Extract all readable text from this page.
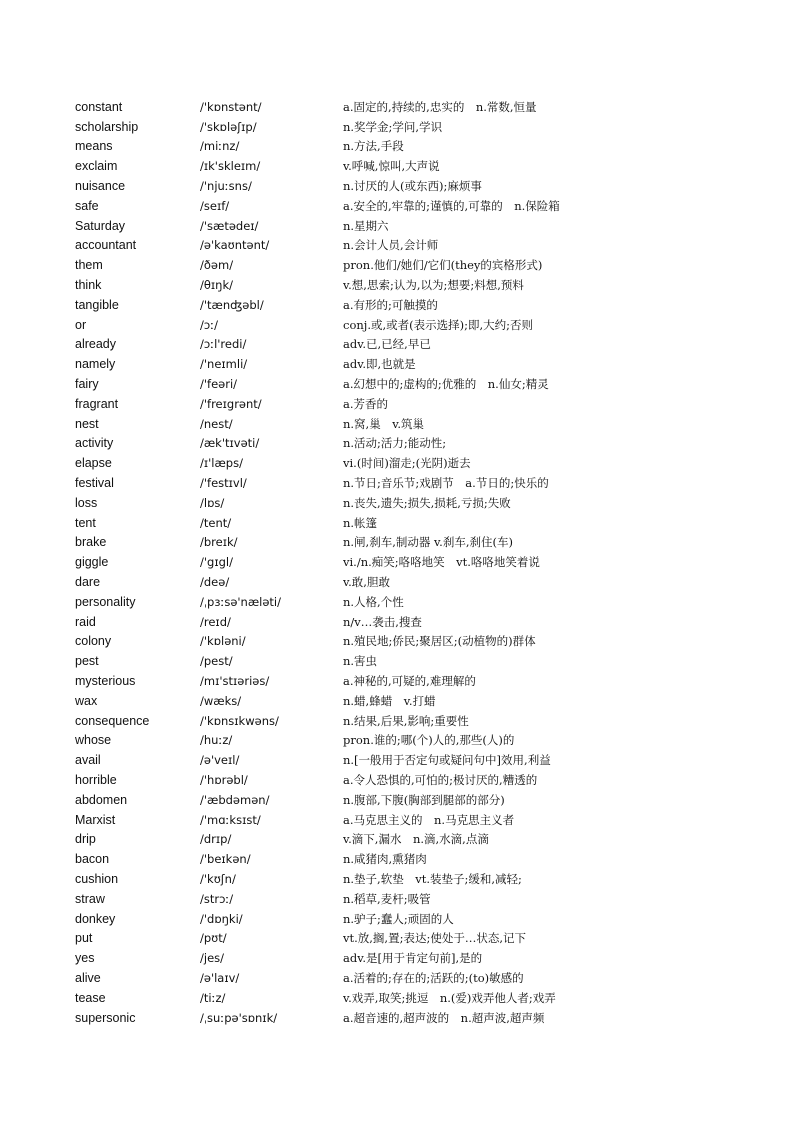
constant	/'kɒnstənt/	a.固定的,持续的,忠实的　n.常数,恒量
scholarship	/'skɒləʃɪp/	n.奖学金;学问,学识
means	/miːnz/	n.方法,手段
exclaim	/ɪk'skleɪm/	v.呼喊,惊叫,大声说
nuisance	/'njuːsns/	n.讨厌的人(或东西);麻烦事
safe	/seɪf/	a.安全的,牢靠的;谨慎的,可靠的　n.保险箱
Saturday	/'sætədeɪ/	n.星期六
accountant	/ə'kaʊntənt/	n.会计人员,会计师
them	/ðəm/	pron.他们/她们/它们(they的宾格形式)
think	/θɪŋk/	v.想,思索;认为,以为;想要;料想,预料
tangible	/'tænʤəbl/	a.有形的;可触摸的
or	/ɔː/	conj.或,或者(表示选择);即,大约;否则
already	/ɔːl'redi/	adv.已,已经,早已
namely	/'neɪmli/	adv.即,也就是
fairy	/'feəri/	a.幻想中的;虚构的;优雅的　n.仙女;精灵
fragrant	/'freɪgrənt/	a.芳香的
nest	/nest/	n.窝,巢　v.筑巢
activity	/æk'tɪvəti/	n.活动;活力;能动性;
elapse	/ɪ'læps/	vi.(时间)溜走;(光阴)逝去
festival	/'festɪvl/	n.节日;音乐节;戏剧节　a.节日的;快乐的
loss	/lɒs/	n.丧失,遗失;损失,损耗,亏损;失败
tent	/tent/	n.帐篷
brake	/breɪk/	n.闸,刹车,制动器 v.刹车,刹住(车)
giggle	/'gɪgl/	vi./n.痴笑;咯咯地笑　vt.咯咯地笑着说
dare	/deə/	v.敢,胆敢
personality	/ˌpɜːsə'næləti/	n.人格,个性
raid	/reɪd/	n/v…袭击,搜查
colony	/'kɒləni/	n.殖民地;侨民;聚居区;(动植物的)群体
pest	/pest/	n.害虫
mysterious	/mɪ'stɪəriəs/	a.神秘的,可疑的,难理解的
wax	/wæks/	n.蜡,蜂蜡　v.打蜡
consequence	/'kɒnsɪkwəns/	n.结果,后果,影响;重要性
whose	/huːz/	pron.谁的;哪(个)人的,那些(人)的
avail	/ə'veɪl/	n.[一般用于否定句或疑问句中]效用,利益
horrible	/'hɒrəbl/	a.令人恐惧的,可怕的;极讨厌的,糟透的
abdomen	/'æbdəmən/	n.腹部,下腹(胸部到腿部的部分)
Marxist	/'mɑːksɪst/	a.马克思主义的　n.马克思主义者
drip	/drɪp/	v.滴下,漏水　n.滴,水滴,点滴
bacon	/'beɪkən/	n.咸猪肉,熏猪肉
cushion	/'kʊʃn/	n.垫子,软垫　vt.装垫子;缓和,减轻;
straw	/strɔː/	n.稻草,麦杆;吸管
donkey	/'dɒŋki/	n.驴子;蠢人;顽固的人
put	/pʊt/	vt.放,搁,置;表达;使处于…状态,记下
yes	/jes/	adv.是[用于肯定句前],是的
alive	/ə'laɪv/	a.活着的;存在的;活跃的;(to)敏感的
tease	/tiːz/	v.戏弄,取笑;挑逗　n.(爱)戏弄他人者;戏弄
supersonic	/ˌsuːpə'sɒnɪk/	a.超音速的,超声波的　n.超声波,超声频
